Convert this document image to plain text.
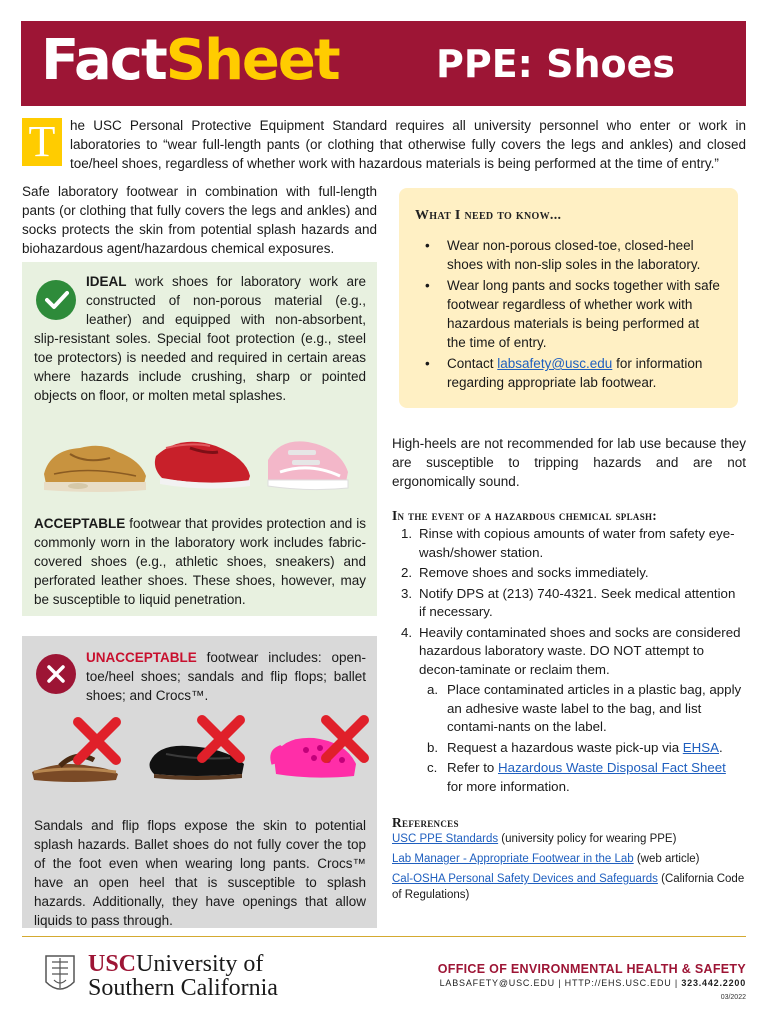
FactSheet	PPE: Shoes
T	he USC Personal Protective Equipment Standard requires all university personnel who enter or work in laboratories to “wear full-length pants (or clothing that otherwise fully covers the legs and ankles) and closed toe/heel shoes, regardless of whether work with hazardous materials is being performed at the time of entry.”
Safe laboratory footwear in combination with full-length pants (or clothing that fully covers the legs and ankles) and socks protects the skin from potential splash hazards and biohazardous agent/hazardous chemical exposures.
IDEAL work shoes for laboratory work are constructed of non-porous material (e.g., leather) and equipped with non-absorbent, slip-resistant soles. Special foot protection (e.g., steel toe protectors) is needed and required in certain areas where hazards include crushing, sharp or pointed objects on floor, or molten metal splashes.
ACCEPTABLE footwear that provides protection and is commonly worn in the laboratory work includes fabric-covered shoes (e.g., athletic shoes, sneakers) and perforated leather shoes. These shoes, however, may be susceptible to liquid penetration.
UNACCEPTABLE footwear includes: open-toe/heel shoes; sandals and flip flops; ballet shoes; and Crocs™.
Sandals and flip flops expose the skin to potential splash hazards. Ballet shoes do not fully cover the top of the foot even when wearing long pants. Crocs™ have an open heel that is susceptible to splash hazards. Additionally, they have openings that allow liquids to pass through.
What I need to know...
• Wear non-porous closed-toe, closed-heel shoes with non-slip soles in the laboratory.
• Wear long pants and socks together with safe footwear regardless of whether work with hazardous materials is being performed at the time of entry.
• Contact labsafety@usc.edu for information regarding appropriate lab footwear.
High-heels are not recommended for lab use because they are susceptible to tripping hazards and are not ergonomically sound.
In the event of a hazardous chemical splash:
1. Rinse with copious amounts of water from safety eye-wash/shower station.
2. Remove shoes and socks immediately.
3. Notify DPS at (213) 740-4321. Seek medical attention if necessary.
4. Heavily contaminated shoes and socks are considered hazardous laboratory waste. DO NOT attempt to decon-taminate or reclaim them.
a. Place contaminated articles in a plastic bag, apply an adhesive waste label to the bag, and list contami-nants on the label.
b. Request a hazardous waste pick-up via EHSA.
c. Refer to Hazardous Waste Disposal Fact Sheet for more information.
References
USC PPE Standards (university policy for wearing PPE)
Lab Manager - Appropriate Footwear in the Lab (web article)
Cal-OSHA Personal Safety Devices and Safeguards (California Code of Regulations)
USCUniversity of
Southern California
OFFICE OF ENVIRONMENTAL HEALTH & SAFETY
LABSAFETY@USC.EDU | HTTP://EHS.USC.EDU | 323.442.2200
03/2022
